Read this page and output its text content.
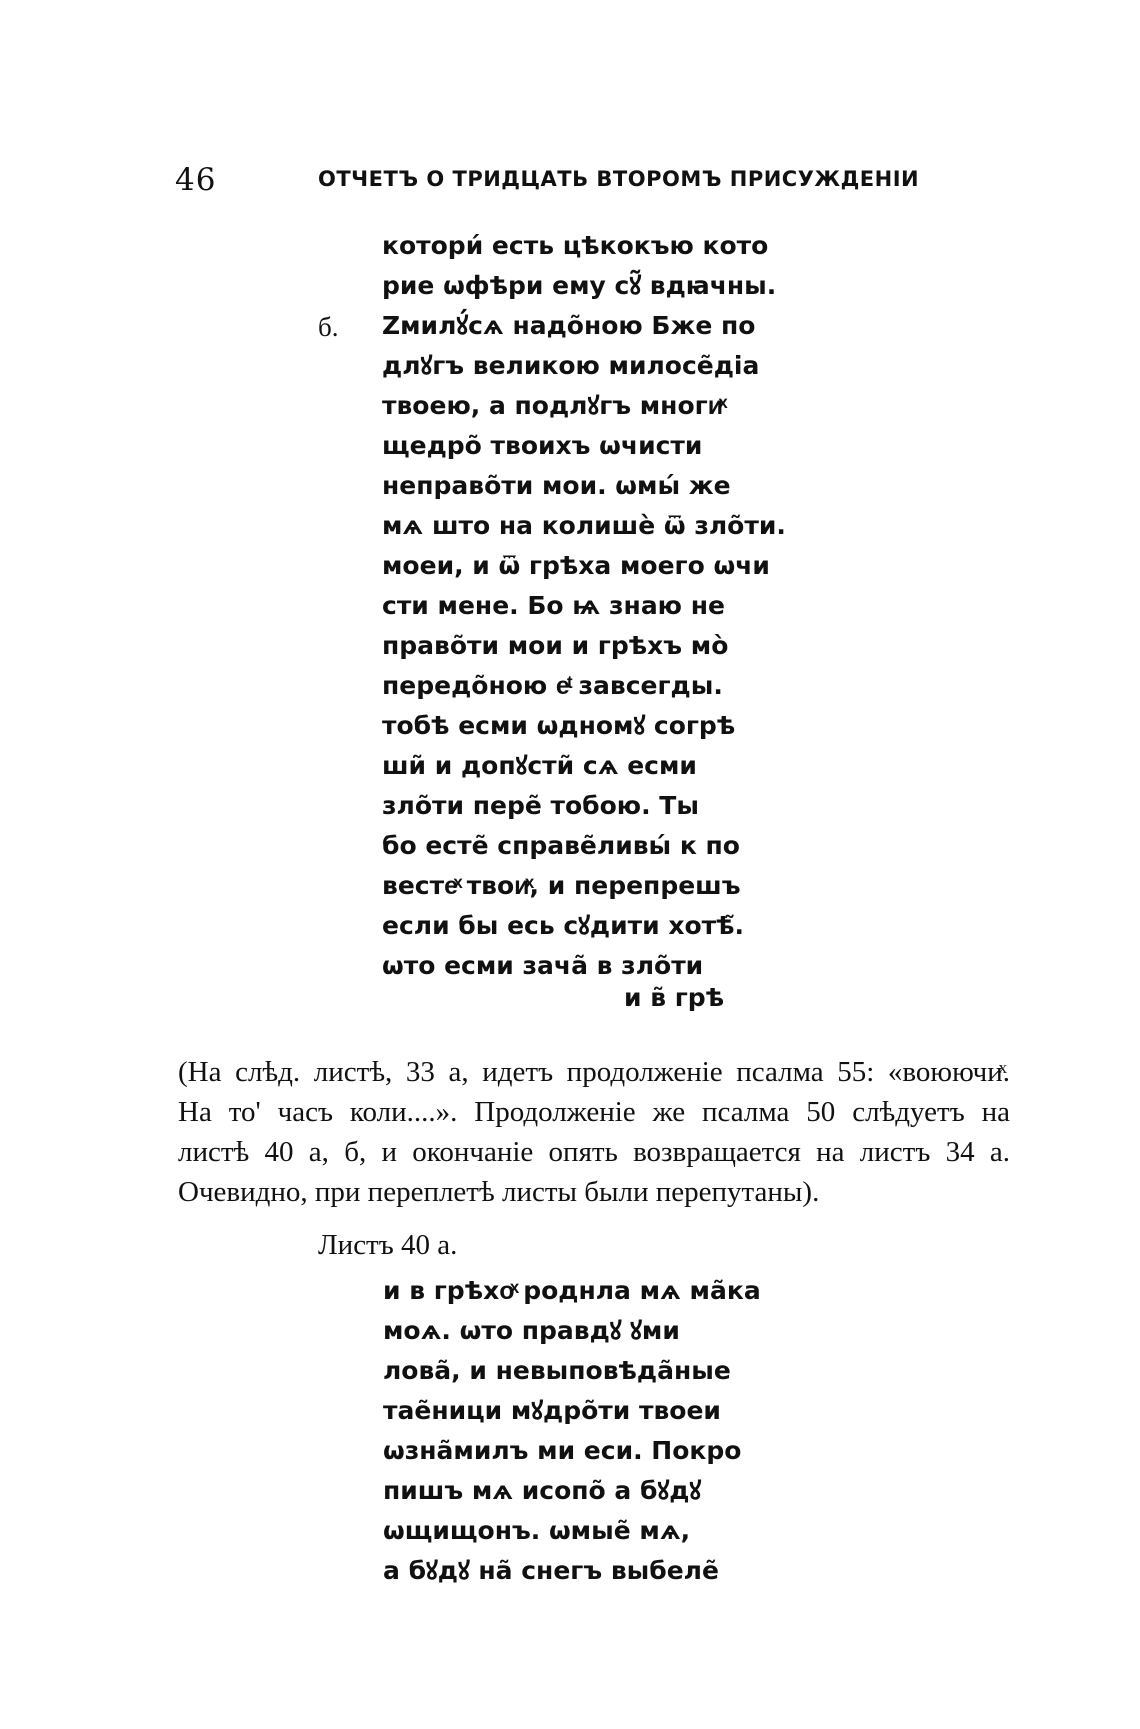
46	ОТЧЕТЪ О ТРИДЦАТЬ ВТОРОМЪ ПРИСУЖДЕНІИ
б.
котори́ есть цѣкокъю кото
рие ѡфѣри ему сꙋ̃ вдꙗчны.
Ζмилꙋ́сѧ надо̃ною Бже по
длꙋгъ великою милосе̃діа
твоею, а подлꙋгъ многиͯ
щедро̃ твоихъ ѡчисти
неправо̃ти мои. ѡмы́ же
мѧ што на колишѐ ѿ зло̃ти.
моеи, и ѿ грѣха моего ѡчи
сти мене. Бо ѩ знаю не
право̃ти мои и грѣхъ мо̀
передо̃ною еͭ завсегды.
тобѣ есми ѡдномꙋ согрѣ
ши̃ и допꙋсти̃ сѧ есми
зло̃ти пере̃ тобою. Ты
бо есте̃ справе̃ливы́ к по
вестеͯ твоиͯ, и перепрешъ
если бы есь сꙋдити хотѣ̃.
ѡто есми зача̃ в зло̃ти
и в̃ грѣ
(На слѣд. листѣ, 33 а, идетъ продолженіе псалма 55: «воюючиͯ.
На то' часъ коли....». Продолженіе же псалма 50 слѣдуетъ на
листѣ 40 а, б, и окончаніе опять возвращается на листъ 34 а.
Очевидно, при переплетѣ листы были перепутаны).
Листъ 40 а.
и в грѣхоͯ роднла мѧ ма̃ка
моѧ. ѡто правдꙋ ꙋми
лова̃, и невыповѣда̃ные
тае̃ници мꙋдро̃ти твоеи
ѡзна̃милъ ми еси. Покро
пишъ мѧ исопо̃ а бꙋдꙋ
ѡщищонъ. ѡмые̃ мѧ,
а бꙋдꙋ на̃ снегъ выбеле̃
